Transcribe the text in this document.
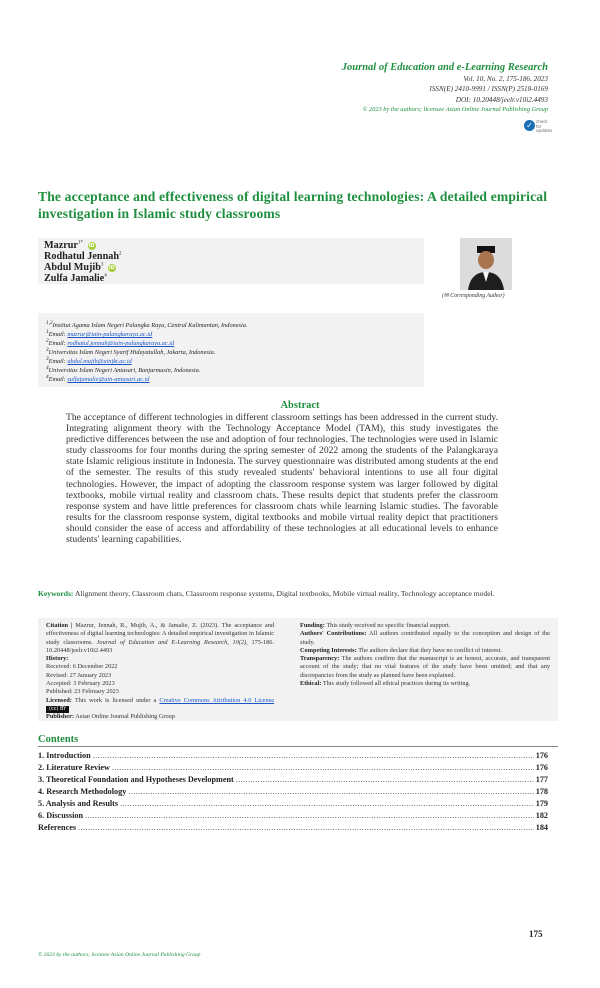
Journal of Education and e-Learning Research
Vol. 10, No. 2, 175-186, 2023
ISSN(E) 2410-9991 / ISSN(P) 2518-0169
DOI: 10.20448/jeelr.v10i2.4493
© 2023 by the authors; licensee Asian Online Journal Publishing Group
✓ check for updates
The acceptance and effectiveness of digital learning technologies: A detailed empirical investigation in Islamic study classrooms
Mazrur$^{1*}$ iD
Rodhatul Jennah$^2$
Abdul Mujib$^3$ iD
Zulfa Jamalie$^4$
(✉ Corresponding Author)
$^{1,2}$Institut Agama Islam Negeri Palangka Raya, Central Kalimantan, Indonesia.
$^1$Email: mazrur@iain-palangkaraya.ac.id
$^2$Email: rodhatul.jennah@iain-palangkaraya.ac.id
$^3$Universitas Islam Negeri Syarif Hidayatullah, Jakarta, Indonesia.
$^3$Email: abdul.mujib@uinjkt.ac.id
$^4$Universitas Islam Negeri Antasari, Banjarmasin, Indonesia.
$^4$Email: zulfajamalie@uin-antasari.ac.id
Abstract
The acceptance of different technologies in different classroom settings has been addressed in the current study. Integrating alignment theory with the Technology Acceptance Model (TAM), this study investigates the predictive differences between the use and adoption of four technologies. The technologies were used in Islamic study classrooms for four months during the spring semester of 2022 among the students of the Palangkaraya state Islamic religious institute in Indonesia. The survey questionnaire was distributed among students at the end of the semester. The results of this study revealed students' behavioral intentions to use all four digital technologies. However, the impact of adopting the classroom response system was larger followed by digital textbooks, mobile virtual reality and classroom chats. These results depict that students prefer the classroom response system and have little preferences for classroom chats while learning Islamic studies. The favorable results for the classroom response system, digital textbooks and mobile virtual reality depict that practitioners should consider the ease of access and affordability of these technologies at all educational levels to enhance students' learning capabilities.
Keywords: Alignment theory, Classroom chats, Classroom response systems, Digital textbooks, Mobile virtual reality, Technology acceptance model.
Citation | Mazrur, Jennah, R., Mujib, A., & Jamalie, Z. (2023). The acceptance and effectiveness of digital learning technologies: A detailed empirical investigation in Islamic study classrooms. Journal of Education and E-Learning Research, 10(2), 175-186. 10.20448/jeelr.v10i2.4493
History:
Received: 6 December 2022
Revised: 27 January 2023
Accepted: 3 February 2023
Published: 23 February 2023
Licensed: This work is licensed under a Creative Commons Attribution 4.0 License (cc) BY
Publisher: Asian Online Journal Publishing Group
Funding: This study received no specific financial support.
Authors' Contributions: All authors contributed equally to the conception and design of the study.
Competing Interests: The authors declare that they have no conflict of interest.
Transparency: The authors confirm that the manuscript is an honest, accurate, and transparent account of the study; that no vital features of the study have been omitted; and that any discrepancies from the study as planned have been explained.
Ethical: This study followed all ethical practices during its writing.
Contents
1. Introduction .....	176
2. Literature Review .....	176
3. Theoretical Foundation and Hypotheses Development .....	177
4. Research Methodology .....	178
5. Analysis and Results .....	179
6. Discussion .....	182
References .....	184
175
© 2023 by the authors; licensee Asian Online Journal Publishing Group
